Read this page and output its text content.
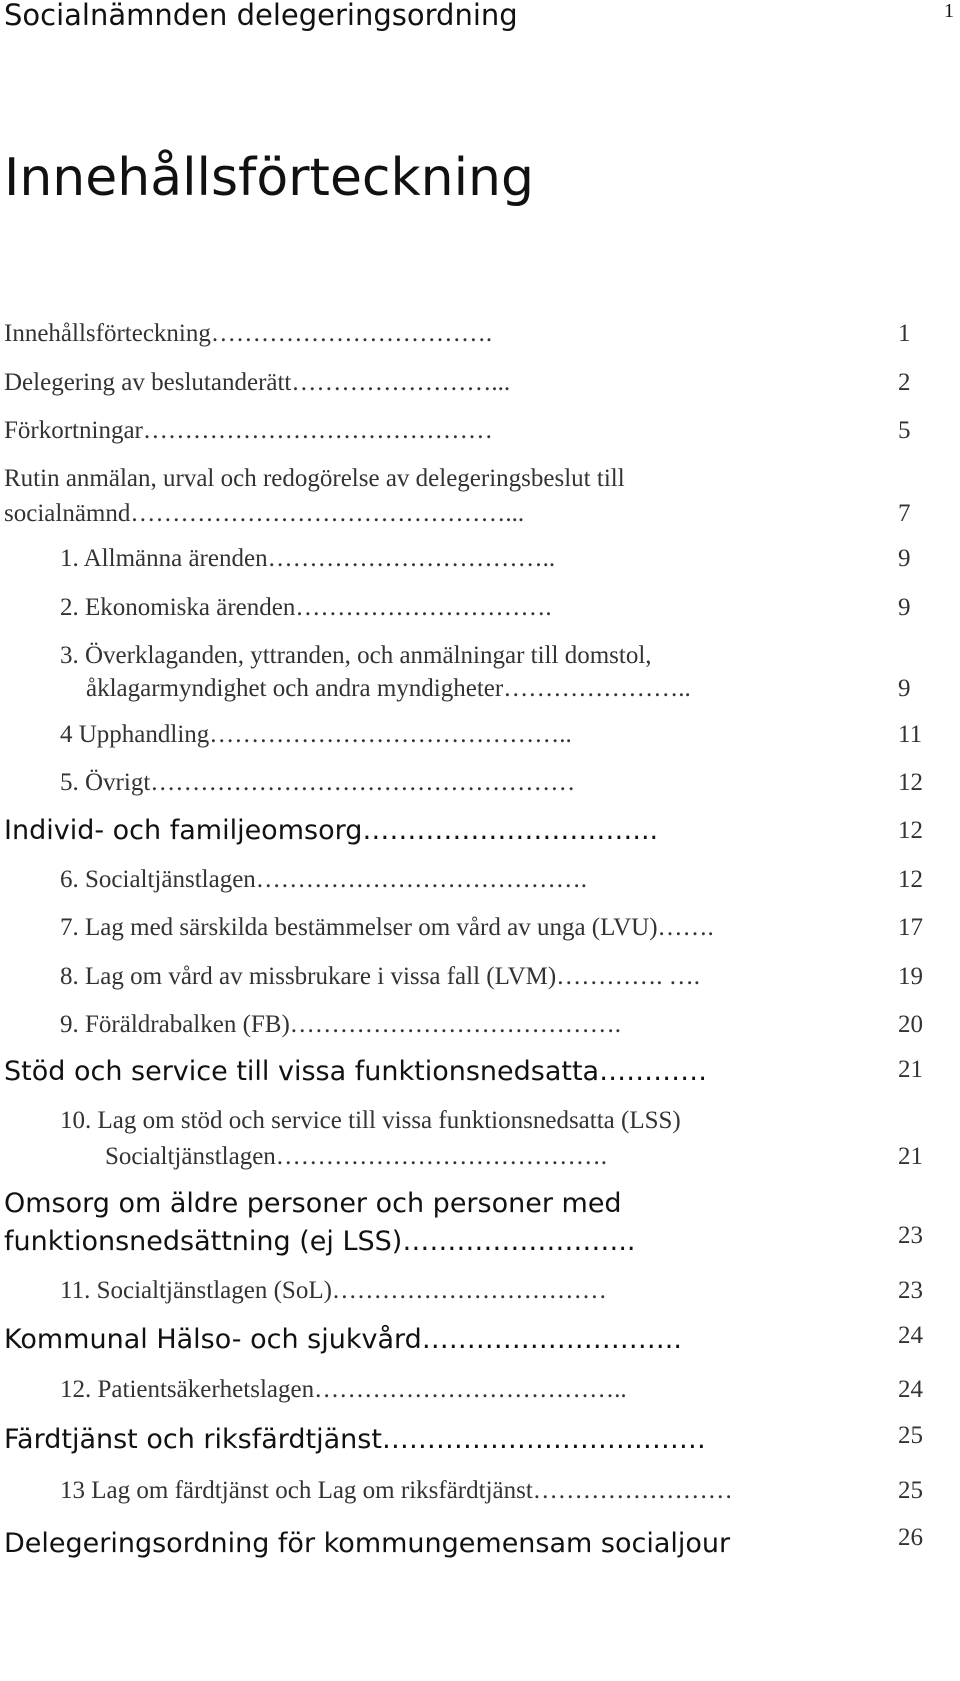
Socialnämnden delegeringsordning	1
Innehållsförteckning
Innehållsförteckning…………………………….	1
Delegering av beslutanderätt……………………...	2
Förkortningar……………………………………	5
Rutin anmälan, urval och redogörelse av delegeringsbeslut till
socialnämnd………………………………………...	7
1. Allmänna ärenden……………………………..	9
2. Ekonomiska ärenden………………………….	9
3. Överklaganden, yttranden, och anmälningar till domstol,
åklagarmyndighet och andra myndigheter…………………..	9
4 Upphandling……………………………………..	11
5. Övrigt……………………………………………	12
Individ- och familjeomsorg…………………………...	12
6. Socialtjänstlagen………………………………….	12
7. Lag med särskilda bestämmelser om vård av unga (LVU)…….	17
8. Lag om vård av missbrukare i vissa fall (LVM)…………. ….	19
9. Föräldrabalken (FB)………………………………….	20
Stöd och service till vissa funktionsnedsatta…………	21
10. Lag om stöd och service till vissa funktionsnedsatta (LSS)
Socialtjänstlagen………………………………….	21
Omsorg om äldre personer och personer med
funktionsnedsättning (ej LSS)……………………..	23
11. Socialtjänstlagen (SoL)……………………………	23
Kommunal Hälso- och sjukvård………………………..	24
12. Patientsäkerhetslagen………………………………..	24
Färdtjänst och riksfärdtjänst………………………………	25
13 Lag om färdtjänst och Lag om riksfärdtjänst……………………	25
Delegeringsordning för kommungemensam socialjour	26
